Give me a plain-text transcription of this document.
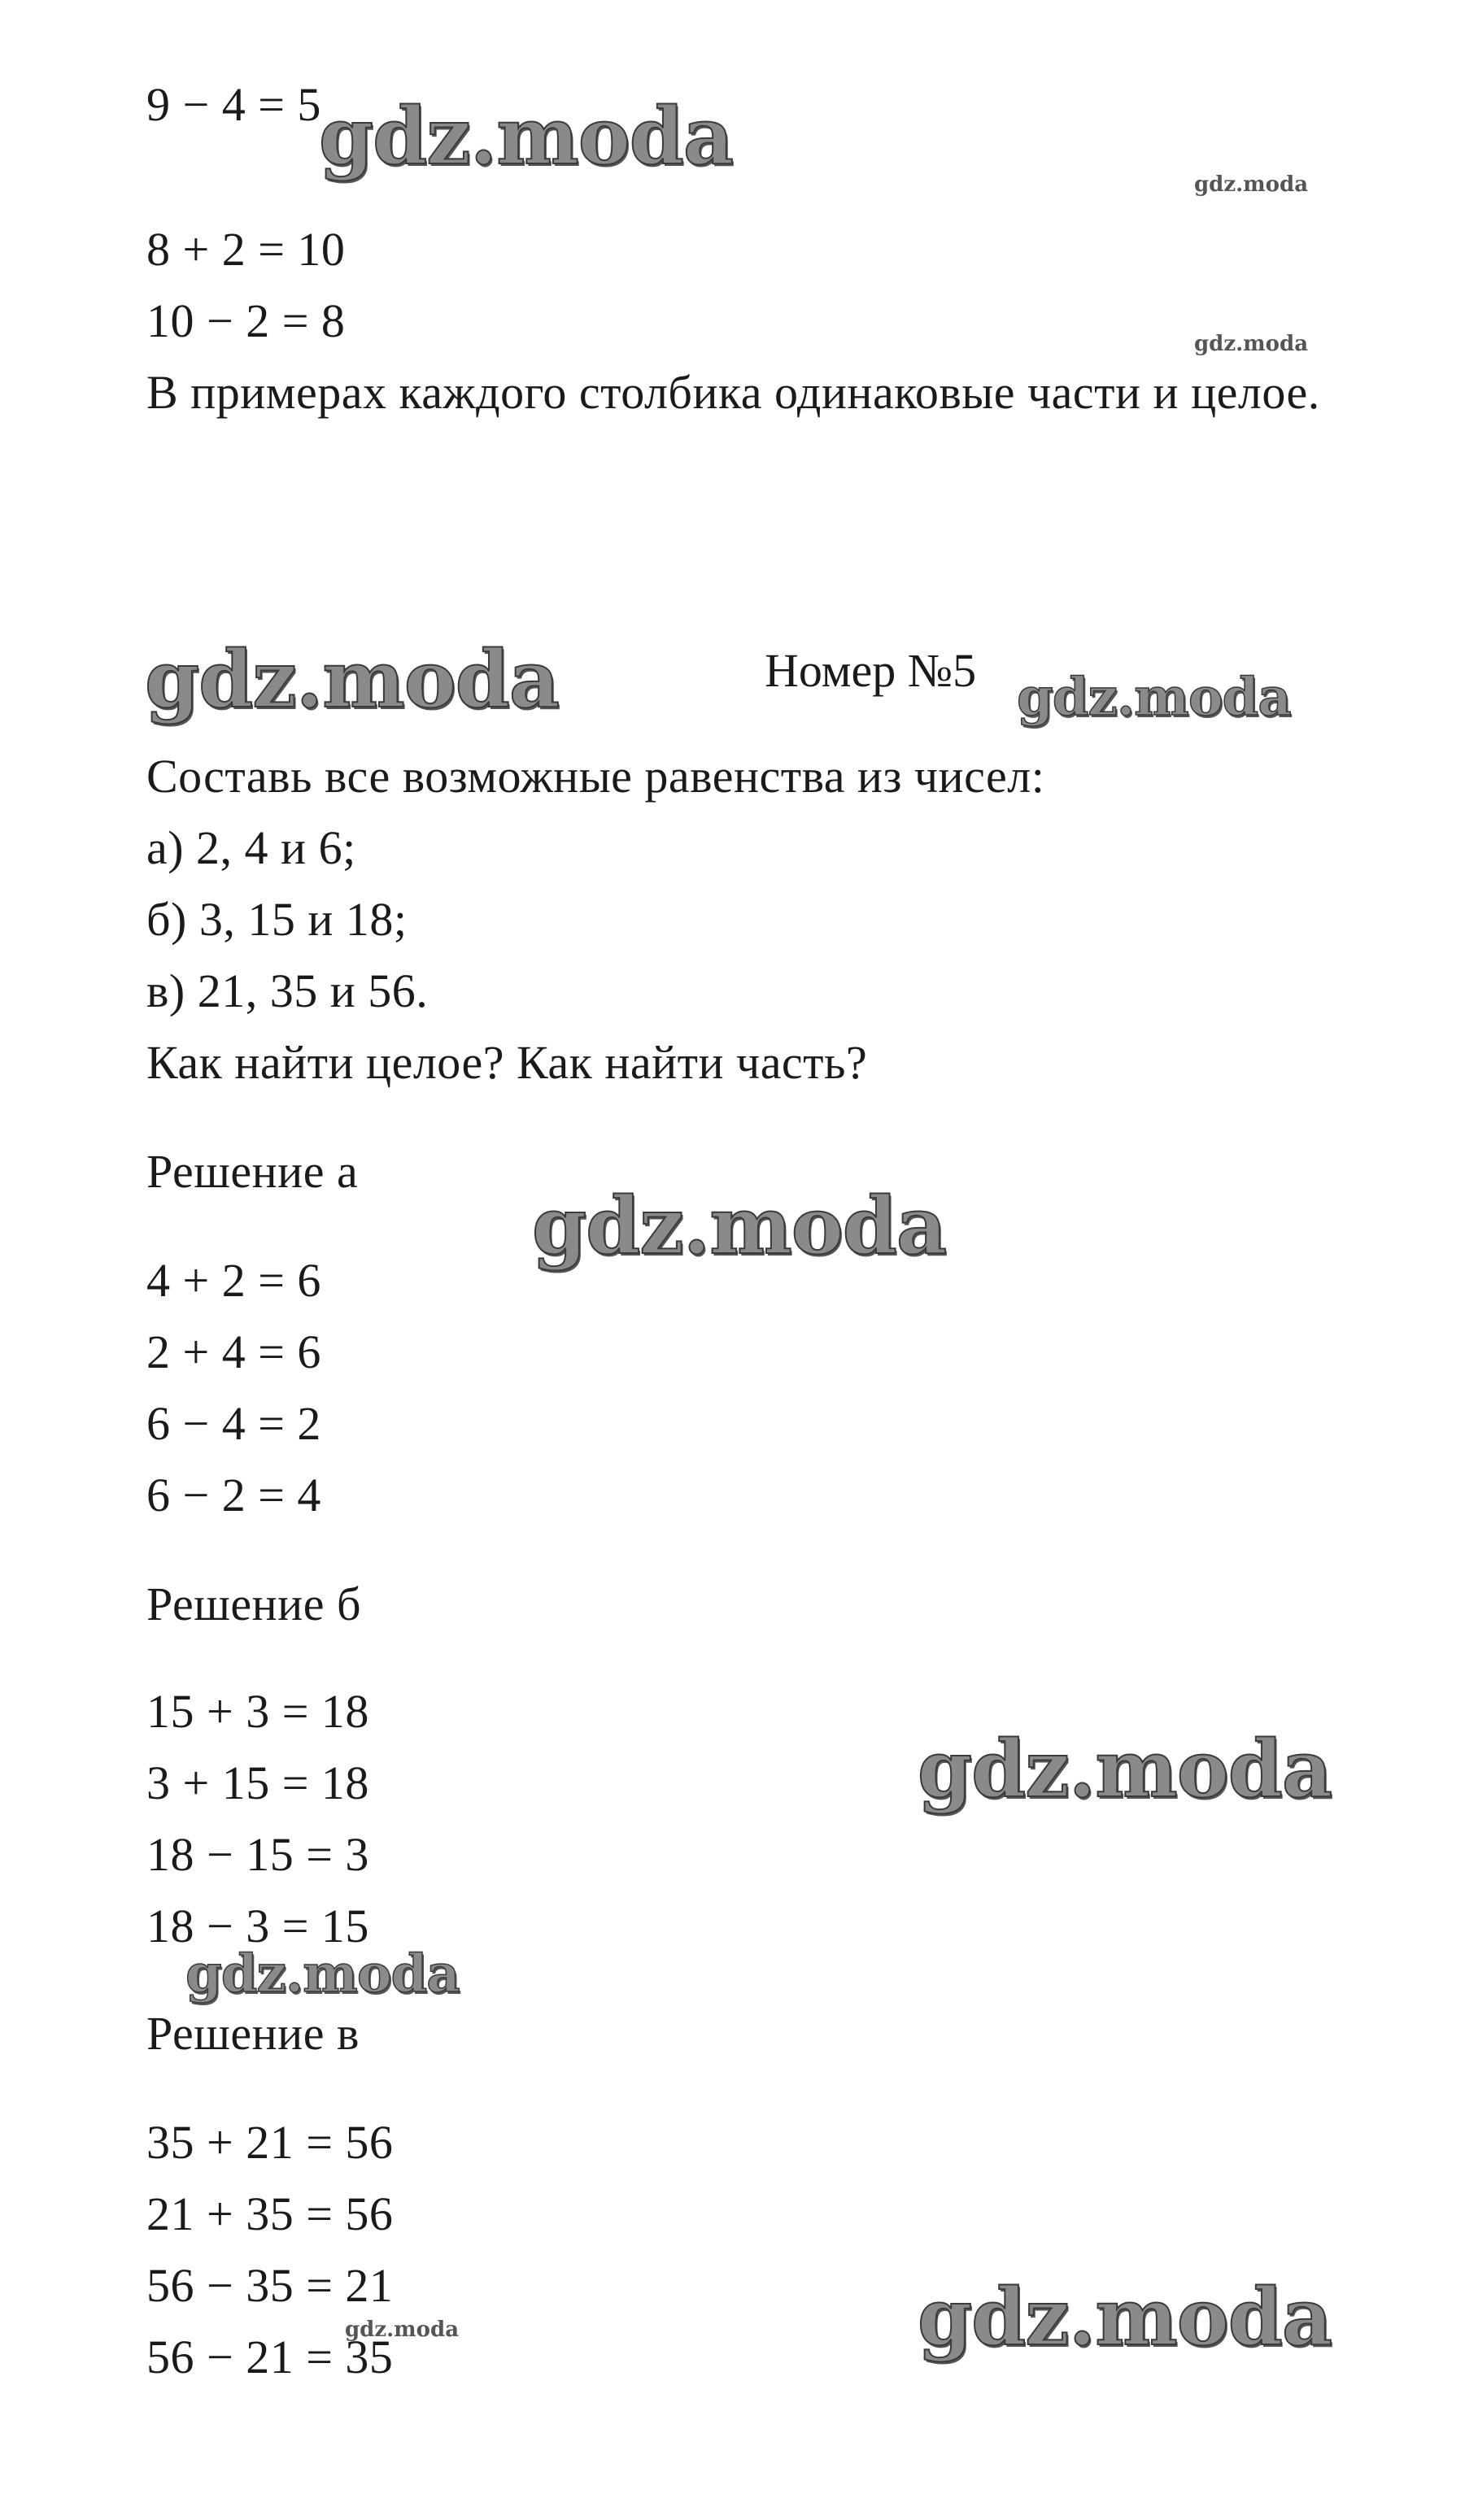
9 − 4 = 5
8 + 2 = 10
10 − 2 = 8
В примерах каждого столбика одинаковые части и целое.
Номер №5
Составь все возможные равенства из чисел:
а) 2, 4 и 6;
б) 3, 15 и 18;
в) 21, 35 и 56.
Как найти целое? Как найти часть?
Решение а
4 + 2 = 6
2 + 4 = 6
6 − 4 = 2
6 − 2 = 4
Решение б
15 + 3 = 18
3 + 15 = 18
18 − 15 = 3
18 − 3 = 15
Решение в
35 + 21 = 56
21 + 35 = 56
56 − 35 = 21
56 − 21 = 35
gdz.moda
gdz.moda
gdz.moda
gdz.moda	gdz.moda
gdz.moda
gdz.moda
gdz.moda
gdz.moda	gdz.moda
